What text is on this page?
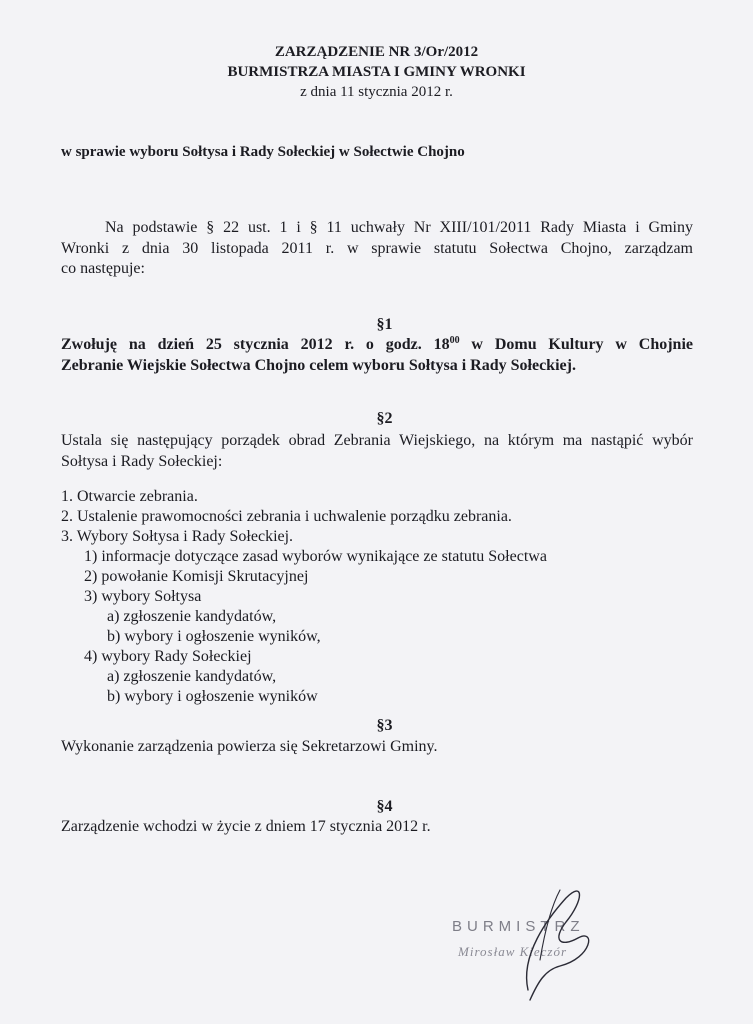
ZARZĄDZENIE NR 3/Or/2012
BURMISTRZA MIASTA I GMINY WRONKI
z dnia 11 stycznia 2012 r.
w sprawie wyboru Sołtysa i Rady Sołeckiej w Sołectwie Chojno
Na podstawie § 22 ust. 1 i § 11 uchwały Nr XIII/101/2011 Rady Miasta i Gminy
Wronki z dnia 30 listopada 2011 r. w sprawie statutu Sołectwa Chojno, zarządzam
co następuje:
§1
Zwołuję na dzień 25 stycznia 2012 r. o godz. $18^{00}$ w Domu Kultury w Chojnie
Zebranie Wiejskie Sołectwa Chojno celem wyboru Sołtysa i Rady Sołeckiej.
§2
Ustala się następujący porządek obrad Zebrania Wiejskiego, na którym ma nastąpić wybór
Sołtysa i Rady Sołeckiej:
1. Otwarcie zebrania.
2. Ustalenie prawomocności zebrania i uchwalenie porządku zebrania.
3. Wybory Sołtysa i Rady Sołeckiej.
1) informacje dotyczące zasad wyborów wynikające ze statutu Sołectwa
2) powołanie Komisji Skrutacyjnej
3) wybory Sołtysa
a) zgłoszenie kandydatów,
b) wybory i ogłoszenie wyników,
4) wybory Rady Sołeckiej
a) zgłoszenie kandydatów,
b) wybory i ogłoszenie wyników
§3
Wykonanie zarządzenia powierza się Sekretarzowi Gminy.
§4
Zarządzenie wchodzi w życie z dniem 17 stycznia 2012 r.
BURMISTRZ
Mirosław Kieczór
